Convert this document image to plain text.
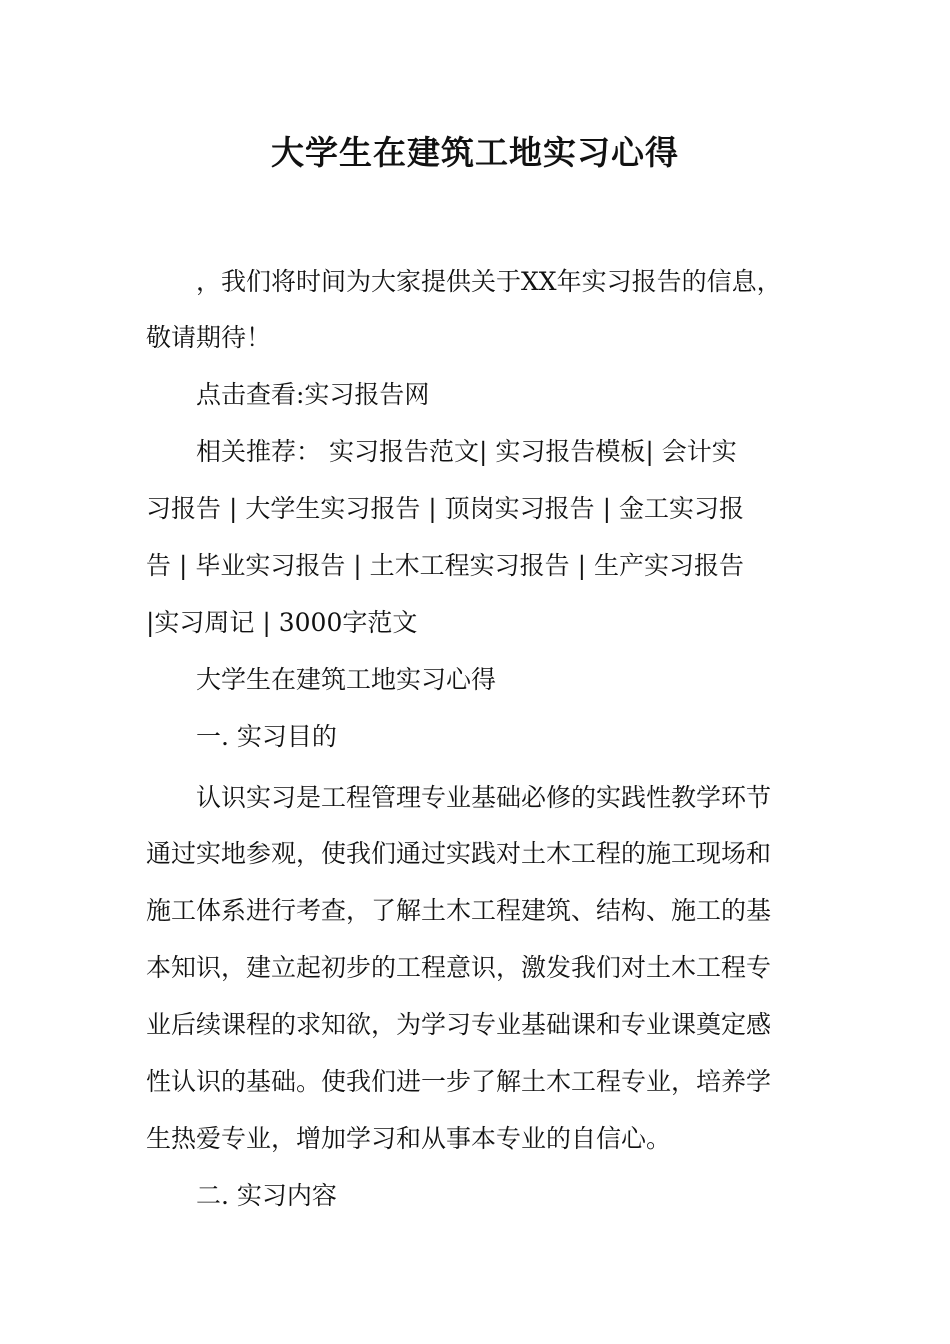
大学生在建筑工地实习心得
，我们将时间为大家提供关于XX年实习报告的信息，
敬请期待！
点击查看:实习报告网
相关推荐： 实习报告范文| 实习报告模板| 会计实
习报告 | 大学生实习报告 | 顶岗实习报告 | 金工实习报
告 | 毕业实习报告 | 土木工程实习报告 | 生产实习报告
|实习周记 | 3000字范文
大学生在建筑工地实习心得
一. 实习目的
认识实习是工程管理专业基础必修的实践性教学环节
通过实地参观，使我们通过实践对土木工程的施工现场和
施工体系进行考查，了解土木工程建筑、结构、施工的基
本知识，建立起初步的工程意识，激发我们对土木工程专
业后续课程的求知欲，为学习专业基础课和专业课奠定感
性认识的基础。使我们进一步了解土木工程专业，培养学
生热爱专业，增加学习和从事本专业的自信心。
二. 实习内容
